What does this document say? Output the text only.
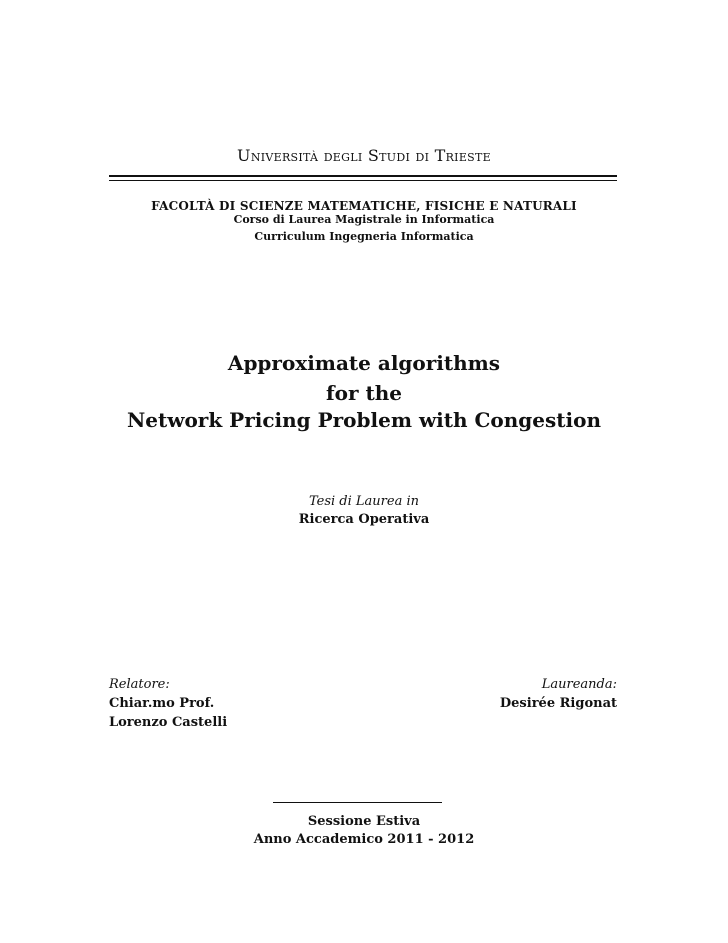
Università degli Studi di Trieste
FACOLTÀ DI SCIENZE MATEMATICHE, FISICHE E NATURALI
Corso di Laurea Magistrale in Informatica
Curriculum Ingegneria Informatica
Approximate algorithms
for the
Network Pricing Problem with Congestion
Tesi di Laurea in
Ricerca Operativa
Relatore:
Chiar.mo Prof.
Lorenzo Castelli
Laureanda:
Desirée Rigonat
Sessione Estiva
Anno Accademico 2011 - 2012
